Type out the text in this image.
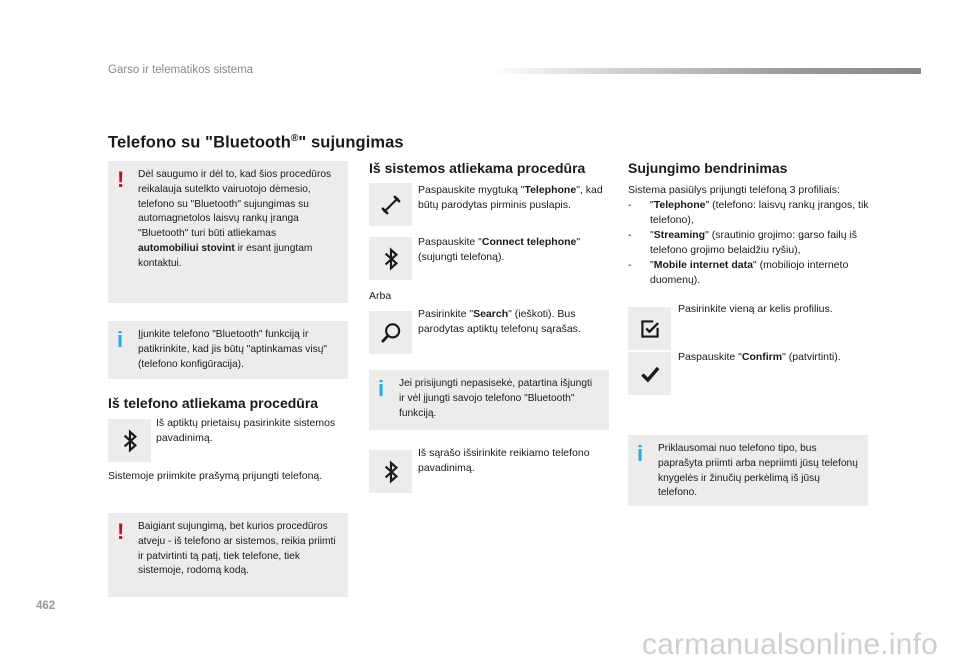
Garso ir telematikos sistema
Telefono su "Bluetooth®" sujungimas
! Dėl saugumo ir dėl to, kad šios procedūros reikalauja sutelkto vairuotojo dėmesio, telefono su "Bluetooth" sujungimas su automagnetolos laisvų rankų įranga "Bluetooth" turi būti atliekamas automobiliui stovint ir esant įjungtam kontaktui.
i Įjunkite telefono "Bluetooth" funkciją ir patikrinkite, kad jis būtų "aptinkamas visų" (telefono konfigūracija).
Iš telefono atliekama procedūra
Iš aptiktų prietaisų pasirinkite sistemos pavadinimą.
Sistemoje priimkite prašymą prijungti telefoną.
! Baigiant sujungimą, bet kurios procedūros atveju - iš telefono ar sistemos, reikia priimti ir patvirtinti tą patį, tiek telefone, tiek sistemoje, rodomą kodą.
Iš sistemos atliekama procedūra
Paspauskite mygtuką "Telephone", kad būtų parodytas pirminis puslapis.
Paspauskite "Connect telephone" (sujungti telefoną).
Arba
Pasirinkite "Search" (ieškoti). Bus parodytas aptiktų telefonų sąrašas.
i Jei prisijungti nepasisekė, patartina išjungti ir vėl įjungti savojo telefono "Bluetooth" funkciją.
Iš sąrašo išsirinkite reikiamo telefono pavadinimą.
Sujungimo bendrinimas
Sistema pasiūlys prijungti telefoną 3 profiliais:
-	"Telephone" (telefono: laisvų rankų įrangos, tik telefono),
-	"Streaming" (srautinio grojimo: garso failų iš telefono grojimo belaidžiu ryšiu),
-	"Mobile internet data" (mobiliojo interneto duomenų).
Pasirinkite vieną ar kelis profilius.
Paspauskite "Confirm" (patvirtinti).
i Priklausomai nuo telefono tipo, bus paprašyta priimti arba nepriimti jūsų telefonų knygelės ir žinučių perkėlimą iš jūsų telefono.
462
carmanualsonline.info
